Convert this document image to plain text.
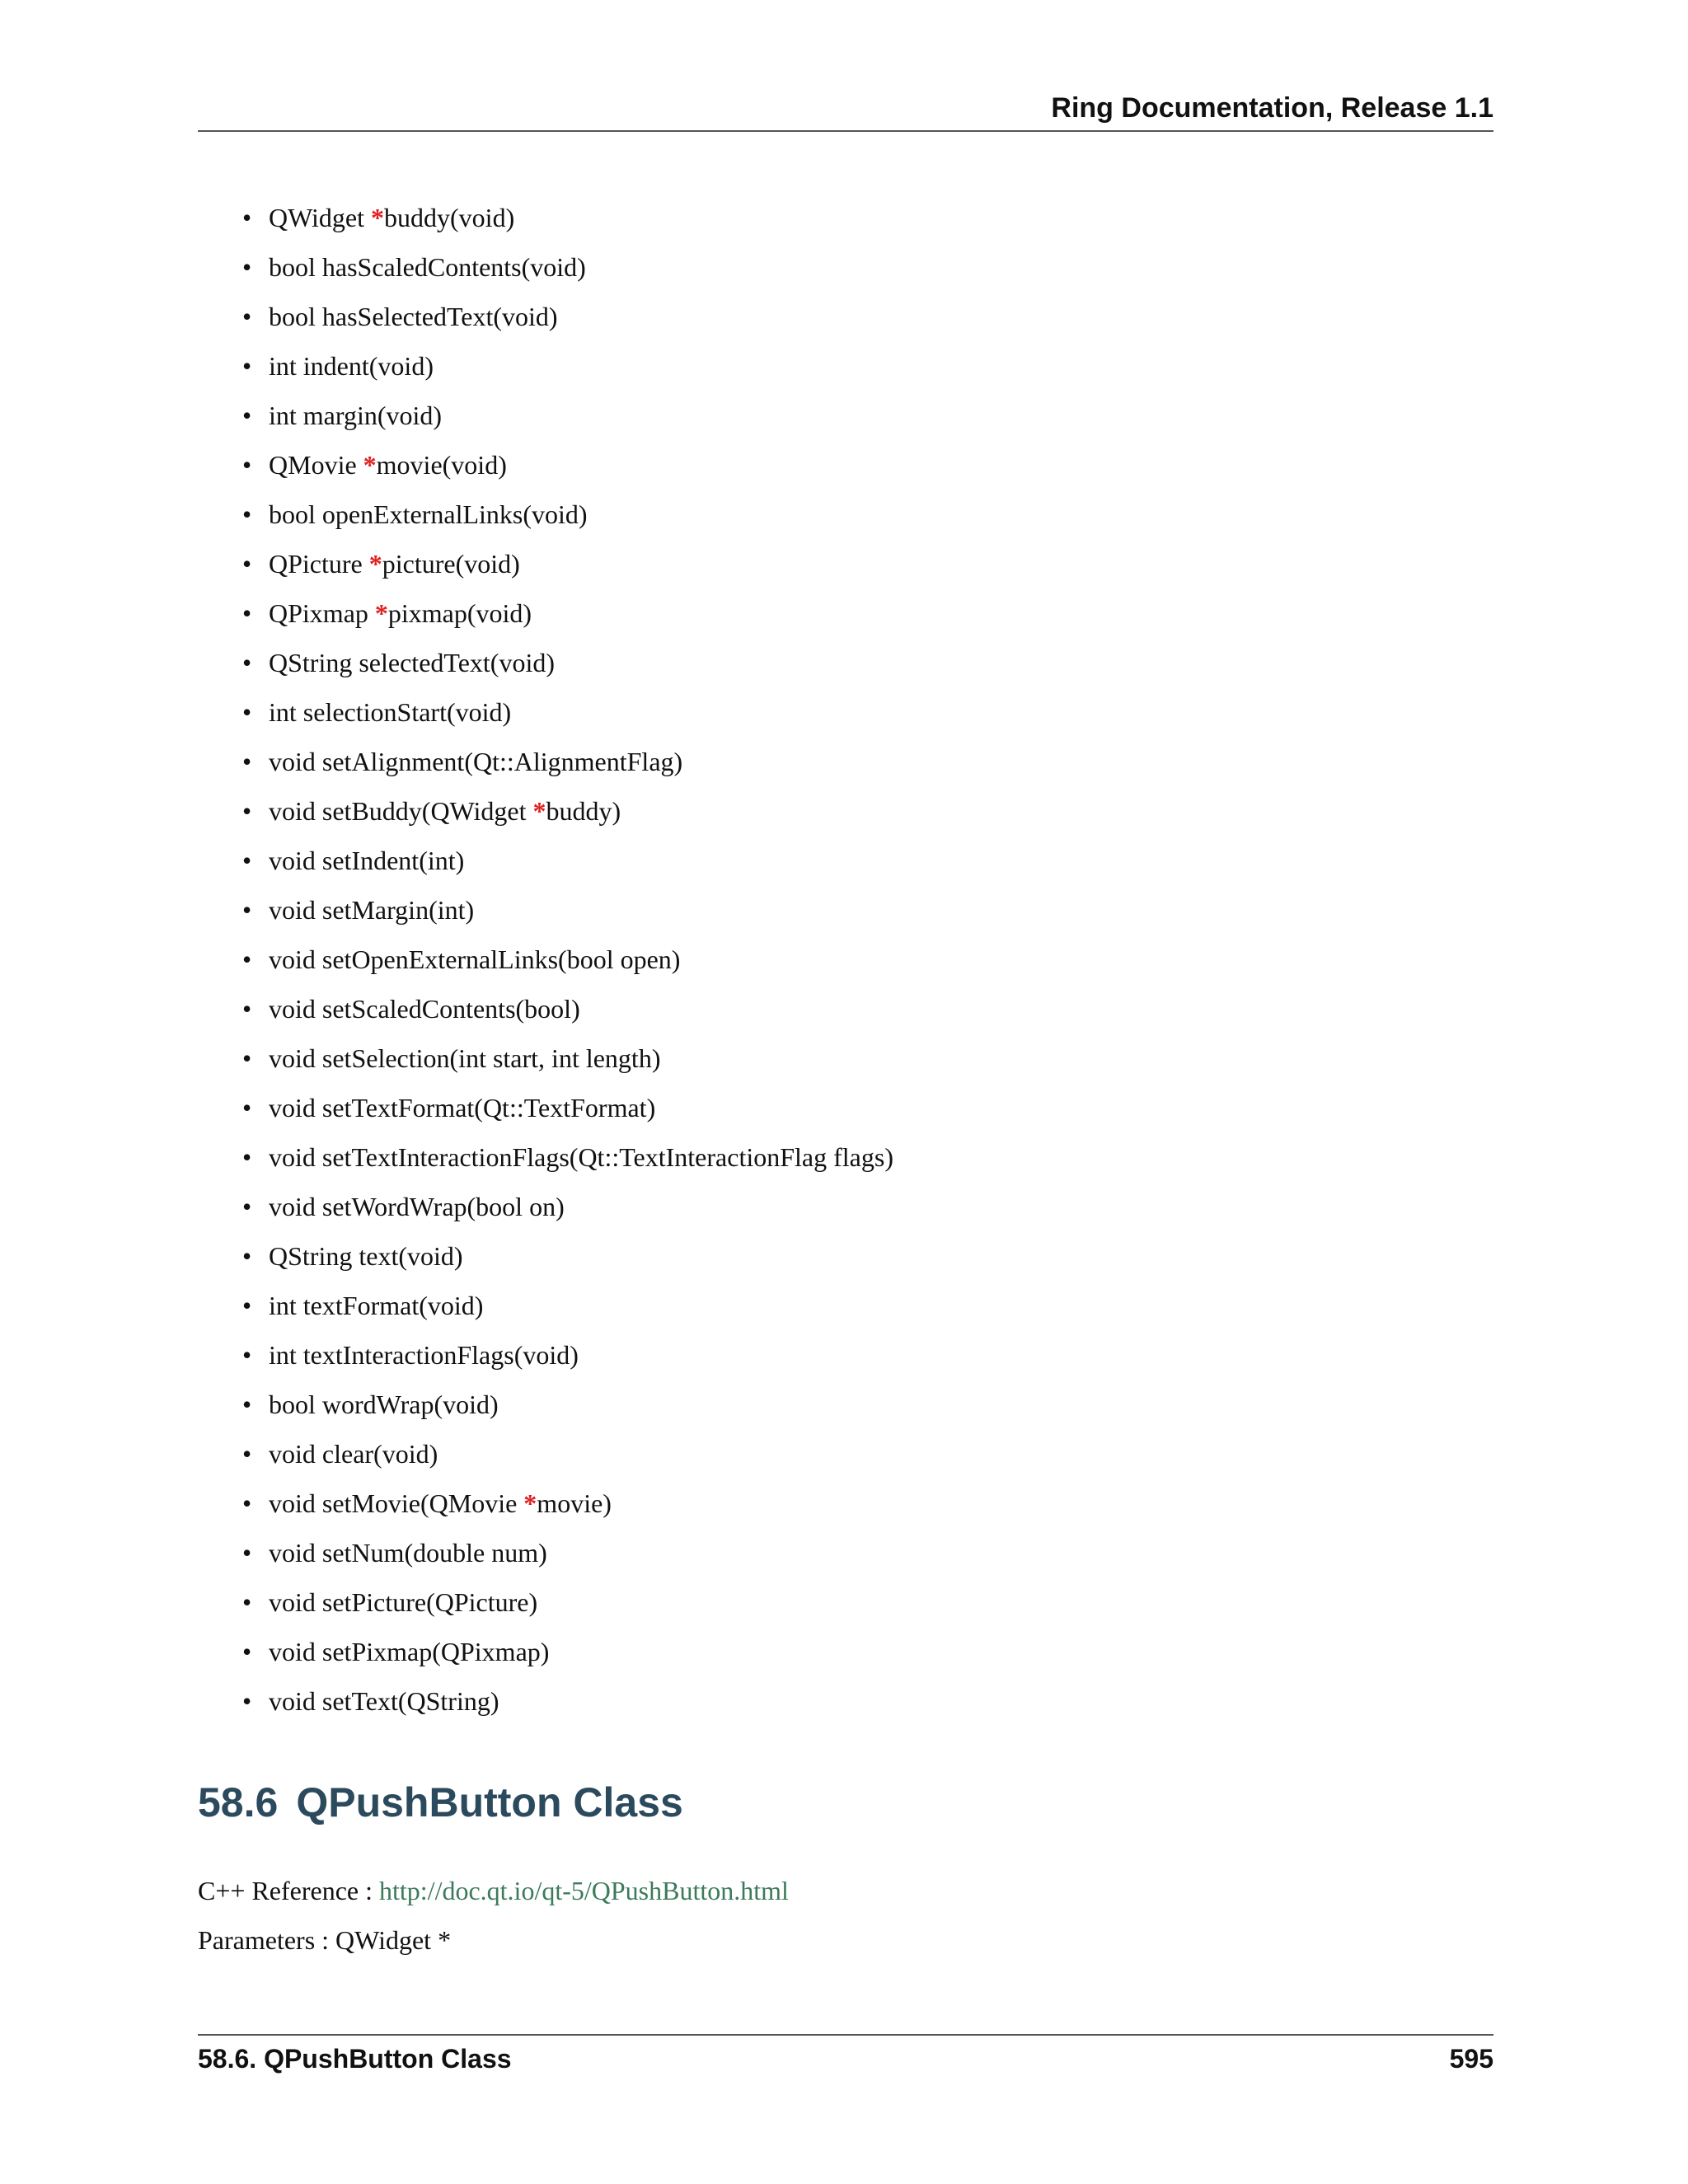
Ring Documentation, Release 1.1
• QWidget *buddy(void)
• bool hasScaledContents(void)
• bool hasSelectedText(void)
• int indent(void)
• int margin(void)
• QMovie *movie(void)
• bool openExternalLinks(void)
• QPicture *picture(void)
• QPixmap *pixmap(void)
• QString selectedText(void)
• int selectionStart(void)
• void setAlignment(Qt::AlignmentFlag)
• void setBuddy(QWidget *buddy)
• void setIndent(int)
• void setMargin(int)
• void setOpenExternalLinks(bool open)
• void setScaledContents(bool)
• void setSelection(int start, int length)
• void setTextFormat(Qt::TextFormat)
• void setTextInteractionFlags(Qt::TextInteractionFlag flags)
• void setWordWrap(bool on)
• QString text(void)
• int textFormat(void)
• int textInteractionFlags(void)
• bool wordWrap(void)
• void clear(void)
• void setMovie(QMovie *movie)
• void setNum(double num)
• void setPicture(QPicture)
• void setPixmap(QPixmap)
• void setText(QString)
58.6 QPushButton Class
C++ Reference : http://doc.qt.io/qt-5/QPushButton.html
Parameters : QWidget *
58.6. QPushButton Class	595
